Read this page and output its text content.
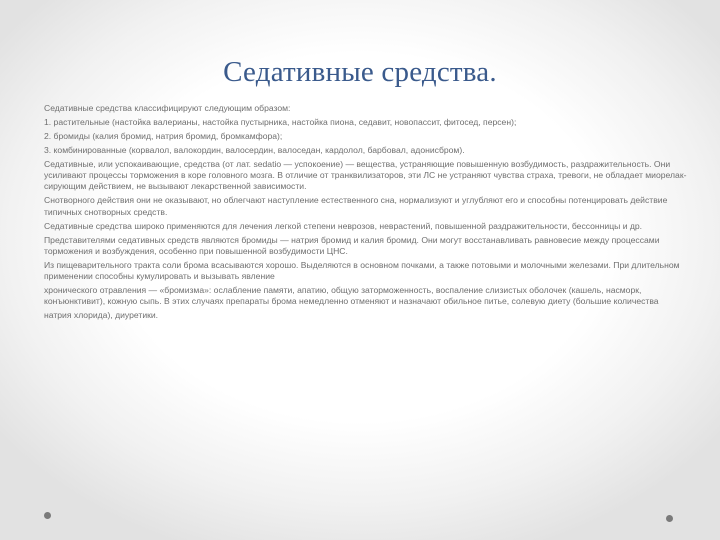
Седативные средства.

Седативные средства классифицируют следующим образом:

1. растительные (настойка валерианы, настойка пустырника, настойка пиона, седавит, новопассит, фитосед, персен);

2. бромиды (калия бромид, натрия бромид, бромкамфора);

3. комбинированные (корвалол, валокордин, валосердин, валоседан, кардолол, барбовал, адонисбром).

Седативные, или успокаивающие, средства (от лат. sedatio — успокоение) — вещества, устраняющие повышенную возбудимость, раздражительность. Они усиливают процессы торможения в коре головного мозга. В отличие от транквилизаторов, эти ЛС не устраняют чувства страха, тревоги, не обладает миорелак-сирующим действием, не вызывают лекарственной зависимости.

Снотворного действия они не оказывают, но облегчают наступление естественного сна, нормализуют и углубляют его и способны потенцировать действие типичных снотворных средств.

Седативные средства широко применяются для лечения легкой степени неврозов, неврастений, повышенной раздражительности, бессонницы и др.

Представителями седативных средств являются бромиды — натрия бромид и калия бромид. Они могут восстанавливать равновесие между процессами торможения и возбуждения, особенно при повышенной возбудимости ЦНС.

Из пищеварительного тракта соли брома всасываются хорошо. Выделяются в основном почками, а также потовыми и молочными железами. При длительном применении способны кумулировать и вызывать явление

хронического отравления — «бромизма»: ослабление памяти, апатию, общую заторможенность, воспаление слизистых оболочек (кашель, насморк, конъюнктивит), кожную сыпь. В этих случаях препараты брома немедленно отменяют и назначают обильное питье, солевую диету (большие количества

натрия хлорида), диуретики.
